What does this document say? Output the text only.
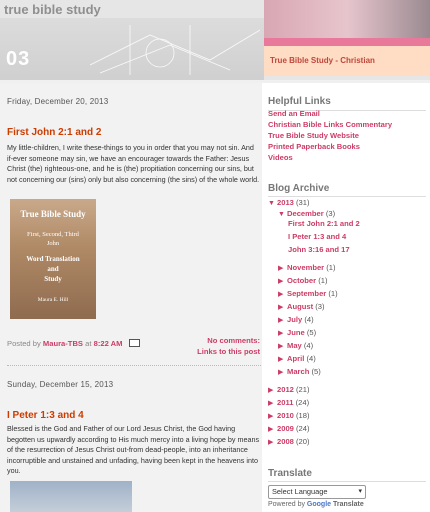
true bible study
03	True Bible Study - Christian
Friday, December 20, 2013
First John 2:1 and 2
My little-children, I write these-things to you in order that you may not sin. And if-ever someone may sin, we have an encourager towards the Father: Jesus Christ (the) righteous-one, and he is (the) propitiation concerning our sins, but not concerning our (sins) only but also concerning (the sins) of the whole world.
True Bible Study
First, Second, Third
John
Word Translation
and
Study
Maura E. Hill
Posted by Maura-TBS at 8:22 AM	No comments:
Links to this post
Sunday, December 15, 2013
I Peter 1:3 and 4
Blessed is the God and Father of our Lord Jesus Christ, the God having begotten us upwardly according to His much mercy into a living hope by means of the resurrection of Jesus Christ out-from dead-people, into an inheritance incorruptible and unstained and unfading, having been kept in the heavens into you.
Helpful Links
Send an Email
Christian Bible Links Commentary
True Bible Study Website
Printed Paperback Books
Videos
Blog Archive
▼ 2013 (31)
▼ December (3)
First John 2:1 and 2
I Peter 1:3 and 4
John 3:16 and 17
▶ November (1)
▶ October (1)
▶ September (1)
▶ August (3)
▶ July (4)
▶ June (5)
▶ May (4)
▶ April (4)
▶ March (5)
▶ 2012 (21)
▶ 2011 (24)
▶ 2010 (18)
▶ 2009 (24)
▶ 2008 (20)
Translate
Select Language	▾
Powered by Google Translate
